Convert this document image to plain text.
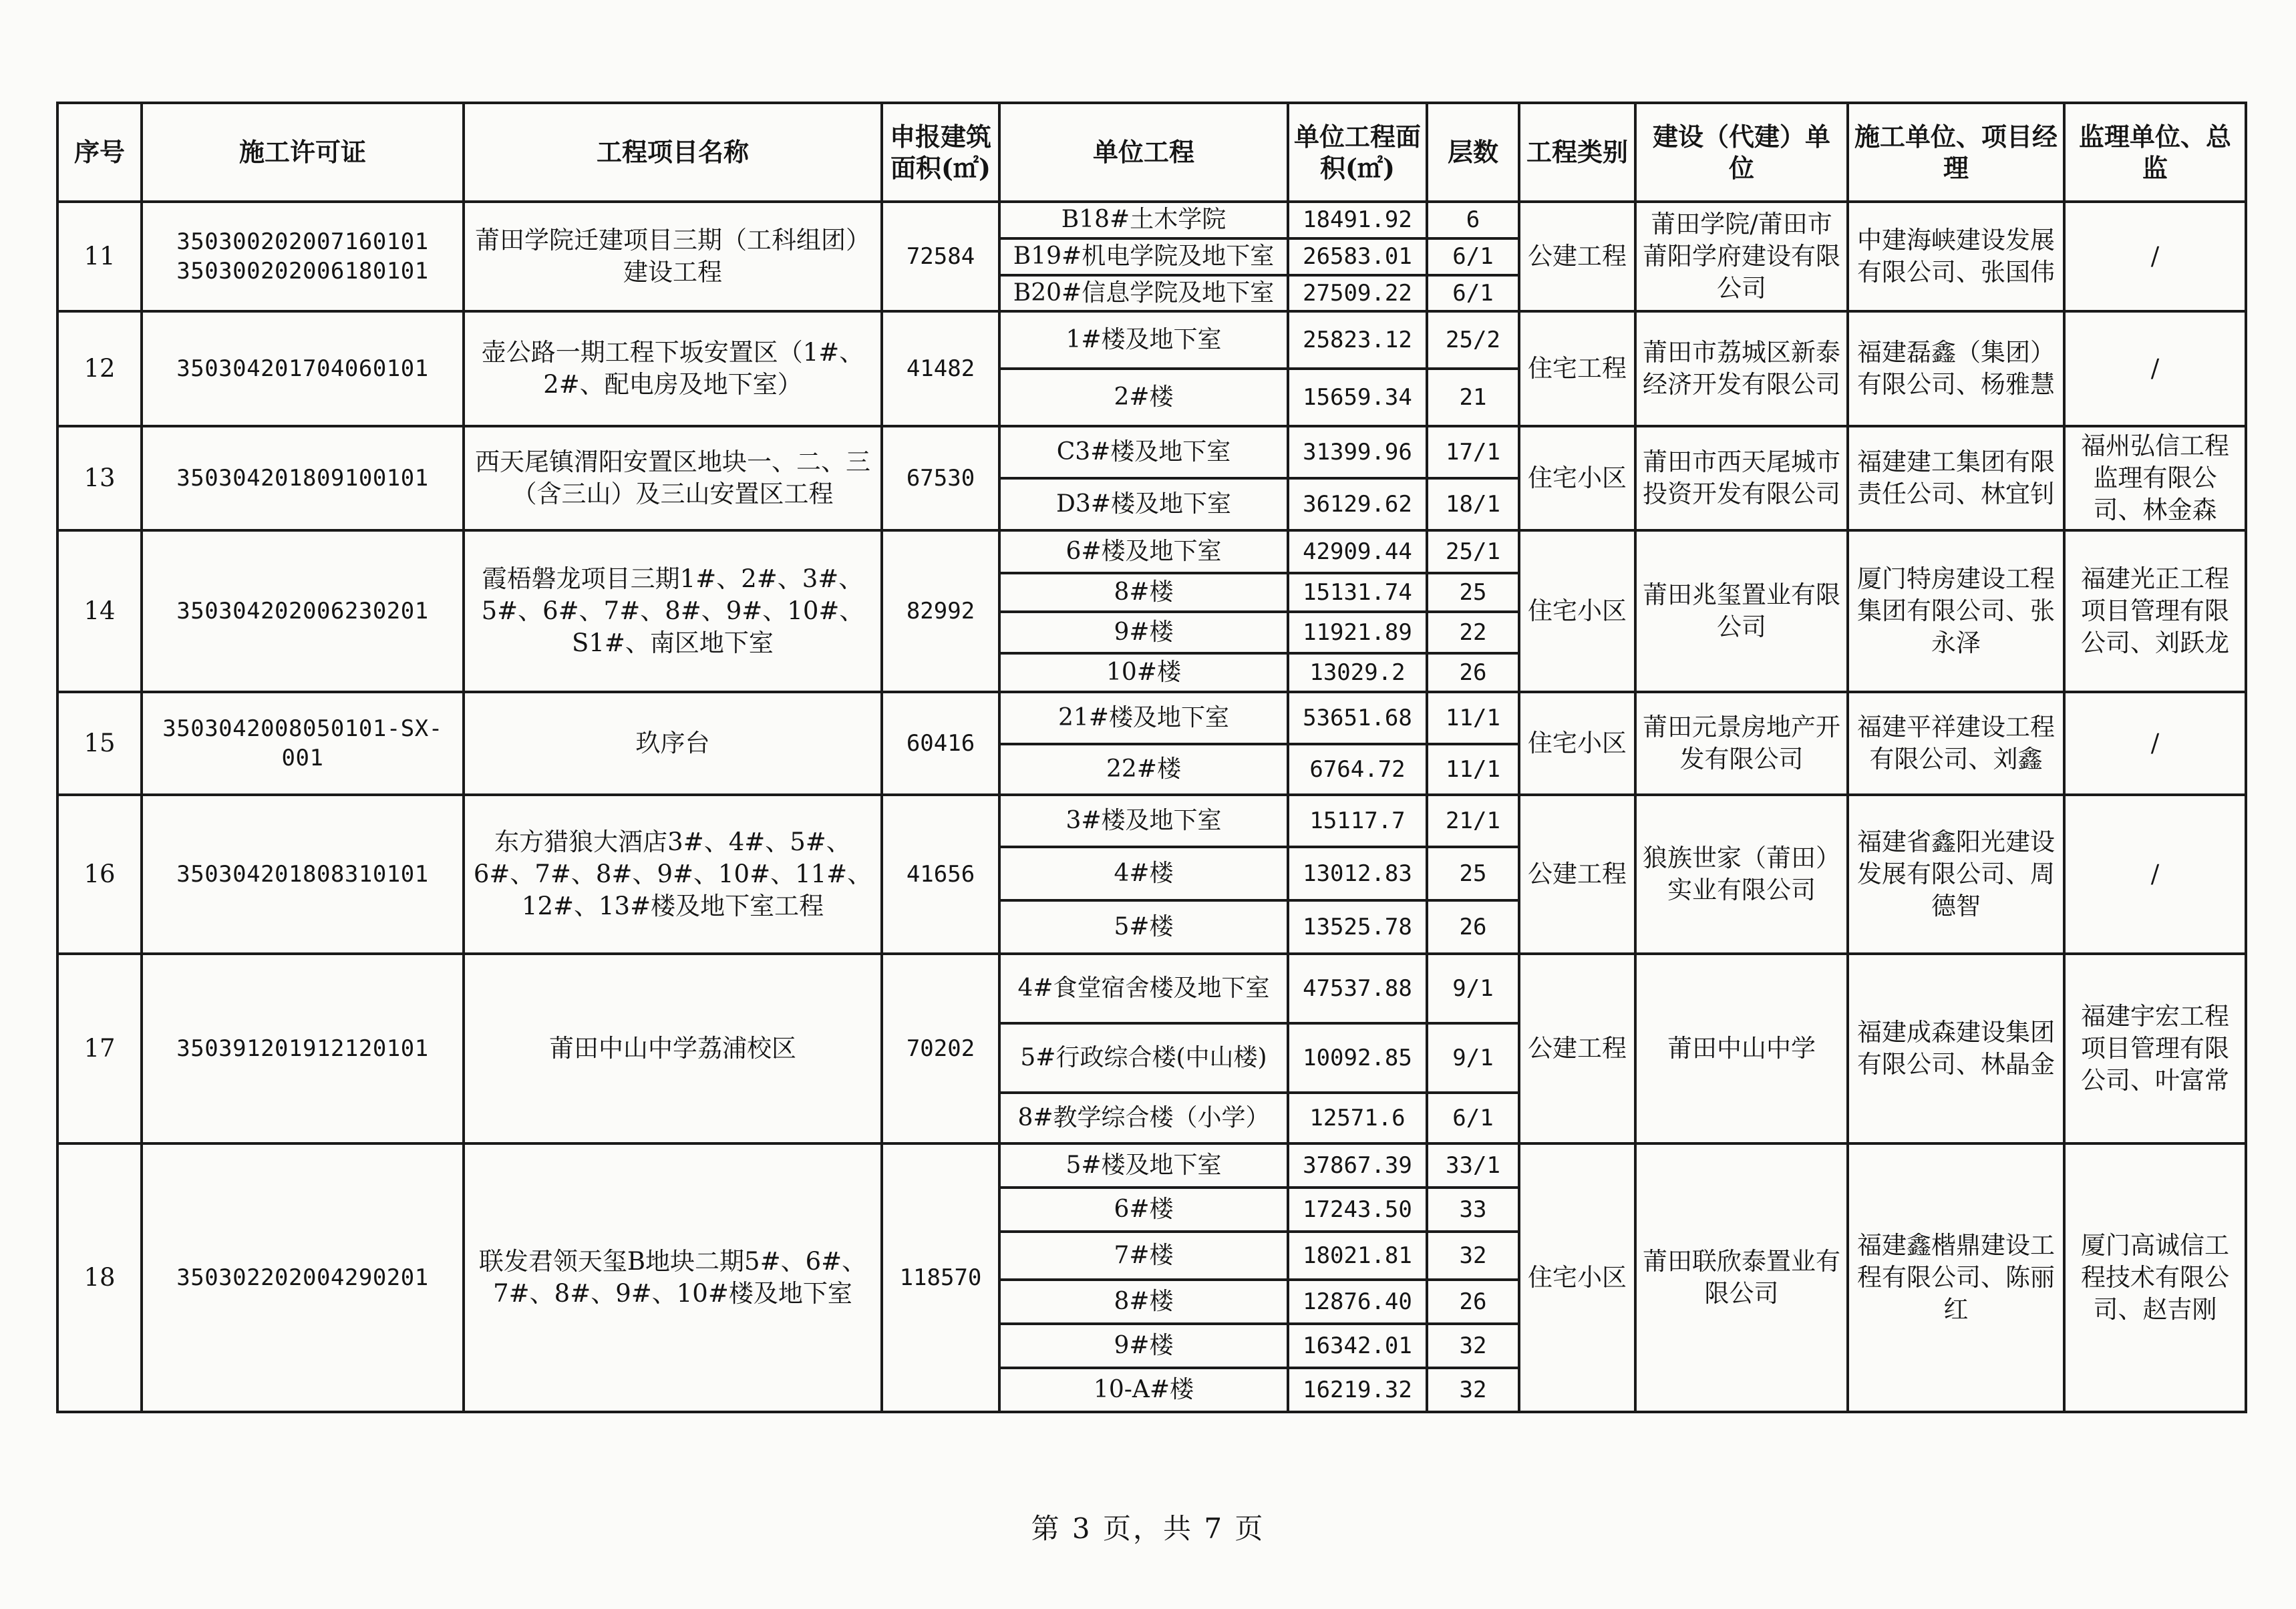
序号	施工许可证	工程项目名称	申报建筑面积(㎡)	单位工程	单位工程面积(㎡)	层数	工程类别	建设（代建）单　位	施工单位、项目经理	监理单位、总监
11	350300202007160101 350300202006180101	莆田学院迁建项目三期（工科组团）建设工程	72584	B18#土木学院	18491.92	6	公建工程	莆田学院/莆田市莆阳学府建设有限公司	中建海峡建设发展有限公司、张国伟	/
				B19#机电学院及地下室	26583.01	6/1				
				B20#信息学院及地下室	27509.22	6/1				
12	350304201704060101	壶公路一期工程下坂安置区（1#、2#、配电房及地下室）	41482	1#楼及地下室	25823.12	25/2	住宅工程	莆田市荔城区新泰经济开发有限公司	福建磊鑫（集团）有限公司、杨雅慧	/
				2#楼	15659.34	21				
13	350304201809100101	西天尾镇渭阳安置区地块一、二、三（含三山）及三山安置区工程	67530	C3#楼及地下室	31399.96	17/1	住宅小区	莆田市西天尾城市投资开发有限公司	福建建工集团有限责任公司、林宜钊	福州弘信工程监理有限公司、林金森
				D3#楼及地下室	36129.62	18/1				
14	350304202006230201	霞梧磐龙项目三期1#、2#、3#、5#、6#、7#、8#、9#、10#、S1#、南区地下室	82992	6#楼及地下室	42909.44	25/1	住宅小区	莆田兆玺置业有限公司	厦门特房建设工程集团有限公司、张永泽	福建光正工程项目管理有限公司、刘跃龙
				8#楼	15131.74	25				
				9#楼	11921.89	22				
				10#楼	13029.2	26				
15	3503042008050101-SX-001	玖序台	60416	21#楼及地下室	53651.68	11/1	住宅小区	莆田元景房地产开发有限公司	福建平祥建设工程有限公司、刘鑫	/
				22#楼	6764.72	11/1				
16	350304201808310101	东方猎狼大酒店3#、4#、5#、6#、7#、8#、9#、10#、11#、12#、13#楼及地下室工程	41656	3#楼及地下室	15117.7	21/1	公建工程	狼族世家（莆田）实业有限公司	福建省鑫阳光建设发展有限公司、周德智	/
				4#楼	13012.83	25				
				5#楼	13525.78	26				
17	350391201912120101	莆田中山中学荔浦校区	70202	4#食堂宿舍楼及地下室	47537.88	9/1	公建工程	莆田中山中学	福建成森建设集团有限公司、林晶金	福建宇宏工程项目管理有限公司、叶富常
				5#行政综合楼(中山楼)	10092.85	9/1				
				8#教学综合楼（小学）	12571.6	6/1				
18	350302202004290201	联发君领天玺B地块二期5#、6#、7#、8#、9#、10#楼及地下室	118570	5#楼及地下室	37867.39	33/1	住宅小区	莆田联欣泰置业有限公司	福建鑫楷鼎建设工程有限公司、陈丽红	厦门高诚信工程技术有限公司、赵吉刚
				6#楼	17243.50	33				
				7#楼	18021.81	32				
				8#楼	12876.40	26				
				9#楼	16342.01	32				
				10-A#楼	16219.32	32				
第 3 页，共 7 页
